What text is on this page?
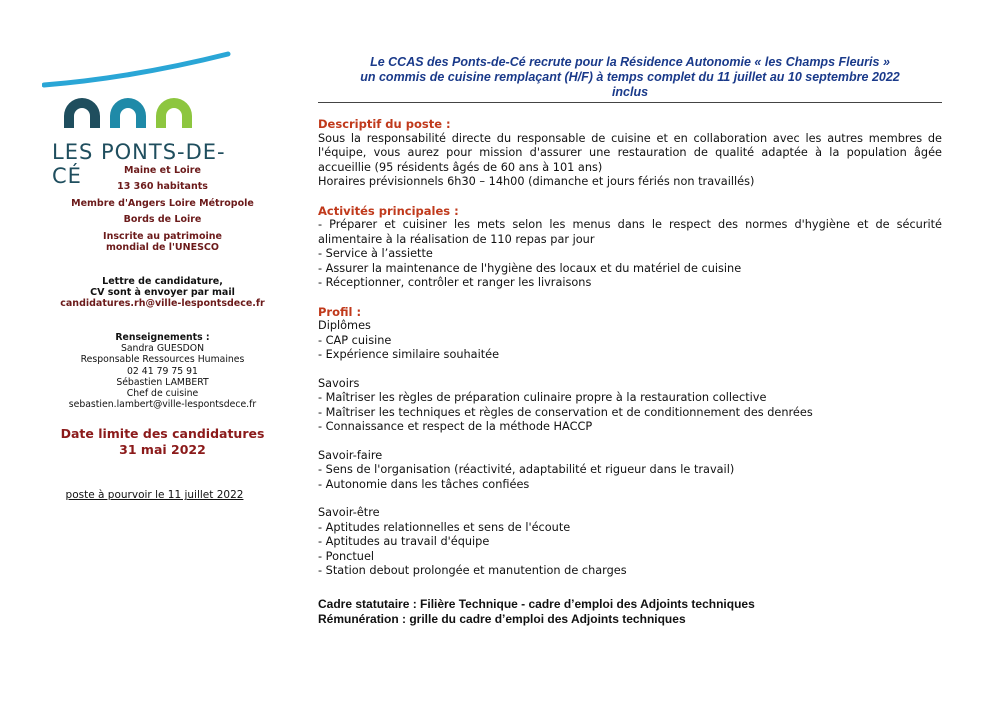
LES PONTS-DE-CÉ	Maine et Loire
13 360 habitants
Membre d'Angers Loire Métropole
Bords de Loire
Inscrite au patrimoine
mondial de l'UNESCO
Lettre de candidature,
CV sont à envoyer par mail
candidatures.rh@ville-lespontsdece.fr
Renseignements :
Sandra GUESDON
Responsable Ressources Humaines
02 41 79 75 91
Sébastien LAMBERT
Chef de cuisine
sebastien.lambert@ville-lespontsdece.fr
Date limite des candidatures
31 mai 2022
poste à pourvoir le 11 juillet 2022
Le CCAS des Ponts-de-Cé recrute pour la Résidence Autonomie « les Champs Fleuris »
un commis de cuisine remplaçant (H/F) à temps complet du 11 juillet au 10 septembre 2022
inclus
Descriptif du poste :

Sous la responsabilité directe du responsable de cuisine et en collaboration avec les autres membres de l'équipe, vous aurez pour mission d'assurer une restauration de qualité adaptée à la population âgée accueillie (95 résidents âgés de 60 ans à 101 ans)

Horaires prévisionnels 6h30 – 14h00 (dimanche et jours fériés non travaillés)

Activités principales :

- Préparer et cuisiner les mets selon les menus dans le respect des normes d'hygiène et de sécurité alimentaire à la réalisation de 110 repas par jour

- Service à l’assiette

- Assurer la maintenance de l'hygiène des locaux et du matériel de cuisine

- Réceptionner, contrôler et ranger les livraisons

Profil :

Diplômes

- CAP cuisine

- Expérience similaire souhaitée

Savoirs

- Maîtriser les règles de préparation culinaire propre à la restauration collective

- Maîtriser les techniques et règles de conservation et de conditionnement des denrées

- Connaissance et respect de la méthode HACCP

Savoir-faire

- Sens de l'organisation (réactivité, adaptabilité et rigueur dans le travail)

- Autonomie dans les tâches confiées

Savoir-être

- Aptitudes relationnelles et sens de l'écoute

- Aptitudes au travail d'équipe

- Ponctuel

- Station debout prolongée et manutention de charges

Cadre statutaire : Filière Technique - cadre d’emploi des Adjoints techniques
Rémunération : grille du cadre d’emploi des Adjoints techniques
